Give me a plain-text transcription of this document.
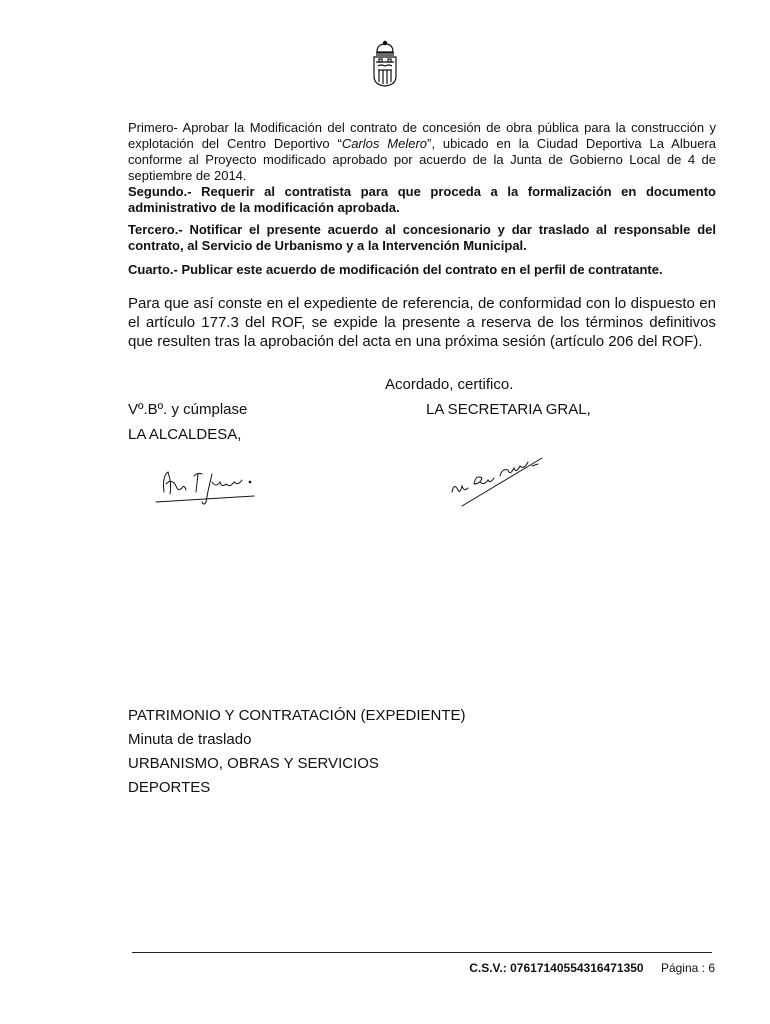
Primero- Aprobar la Modificación del contrato de concesión de obra pública para la construcción y explotación del Centro Deportivo “Carlos Melero”, ubicado en la Ciudad Deportiva La Albuera conforme al Proyecto modificado aprobado por acuerdo de la Junta de Gobierno Local de 4 de septiembre de 2014.

Segundo.- Requerir al contratista para que proceda a la formalización en documento administrativo de la modificación aprobada.

Tercero.- Notificar el presente acuerdo al concesionario y dar traslado al responsable del contrato, al Servicio de Urbanismo y a la Intervención Municipal.

Cuarto.- Publicar este acuerdo de modificación del contrato en el perfil de contratante.

Para que así conste en el expediente de referencia, de conformidad con lo dispuesto en el artículo 177.3 del ROF, se expide la presente a reserva de los términos definitivos que resulten tras la aprobación del acta en una próxima sesión (artículo 206 del ROF).

Acordado, certifico.

Vº.Bº. y cúmplase	LA SECRETARIA GRAL,

LA ALCALDESA,

PATRIMONIO Y CONTRATACIÓN (EXPEDIENTE)
Minuta de traslado
URBANISMO, OBRAS Y SERVICIOS
DEPORTES
C.S.V.: 07617140554316471350 Página : 6
